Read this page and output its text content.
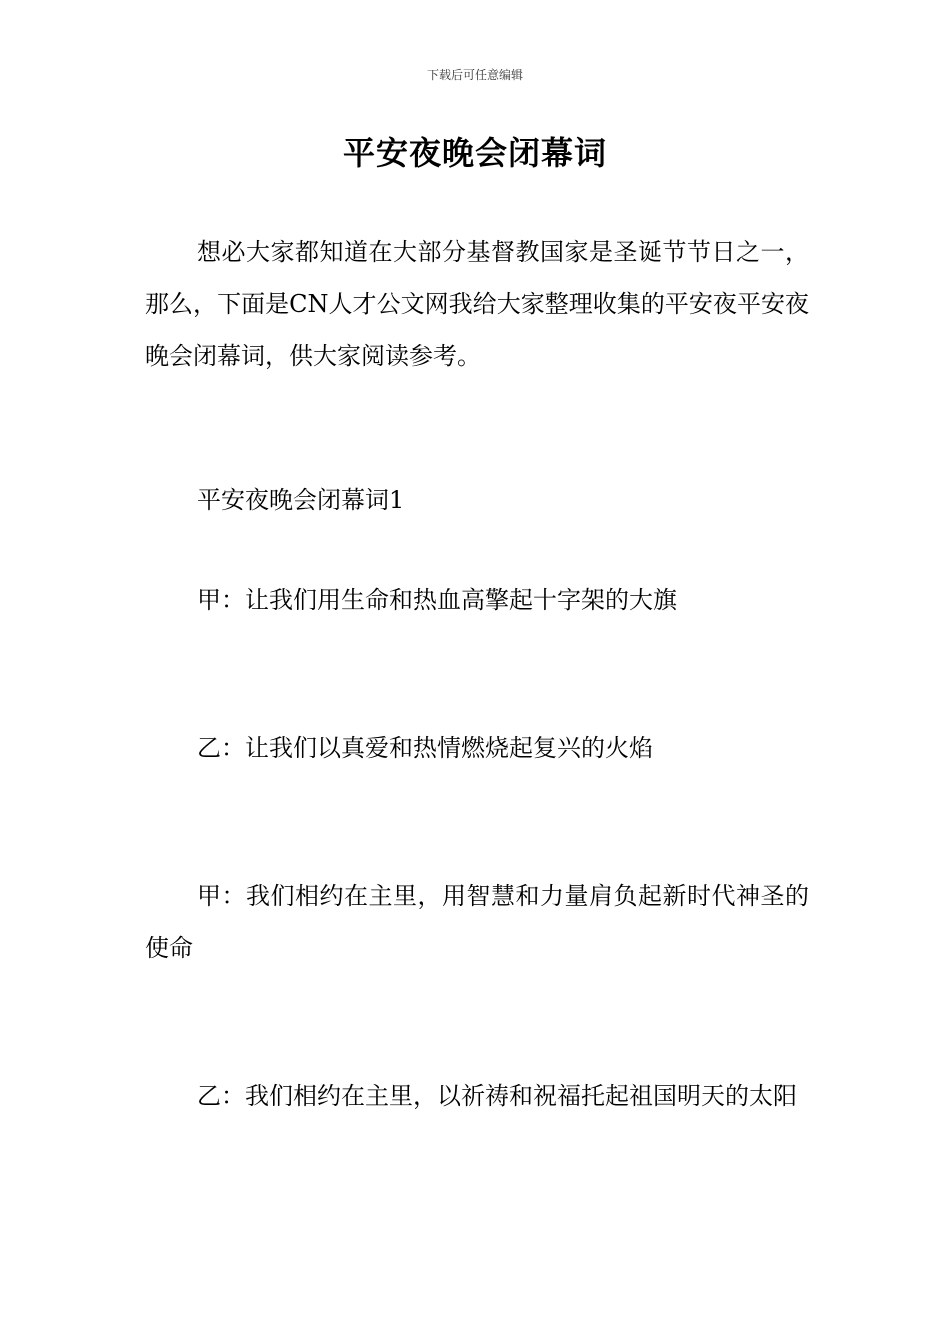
下载后可任意编辑
平安夜晚会闭幕词

想必大家都知道在大部分基督教国家是圣诞节节日之一，那么，下面是CN人才公文网我给大家整理收集的平安夜平安夜晚会闭幕词，供大家阅读参考。

平安夜晚会闭幕词1

甲：让我们用生命和热血高擎起十字架的大旗

乙：让我们以真爱和热情燃烧起复兴的火焰

甲：我们相约在主里，用智慧和力量肩负起新时代神圣的使命

乙：我们相约在主里，以祈祷和祝福托起祖国明天的太阳
